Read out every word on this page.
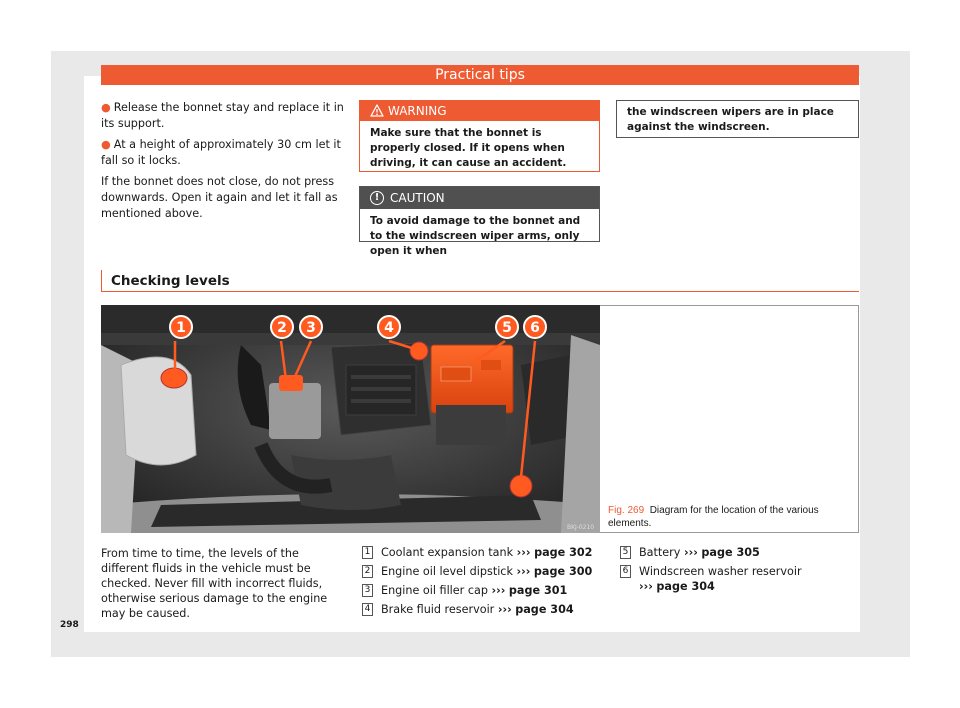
Practical tips

● Release the bonnet stay and replace it in its support.

● At a height of approximately 30 cm let it fall so it locks.

If the bonnet does not close, do not press downwards. Open it again and let it fall as mentioned above.

WARNING
Make sure that the bonnet is properly closed. If it opens when driving, it can cause an accident.
! CAUTION
To avoid damage to the bonnet and to the windscreen wiper arms, only open it when
the windscreen wipers are in place against the windscreen.
Checking levels
1	2 3	4	5 6
BKJ-0210
Fig. 269 Diagram for the location of the various elements.
From time to time, the levels of the different fluids in the vehicle must be checked. Never fill with incorrect fluids, otherwise serious damage to the engine may be caused.
1 Coolant expansion tank ››› page 302
2 Engine oil level dipstick ››› page 300
3 Engine oil filler cap ››› page 301
4 Brake fluid reservoir ››› page 304
5 Battery ››› page 305
6 Windscreen washer reservoir
››› page 304
298
